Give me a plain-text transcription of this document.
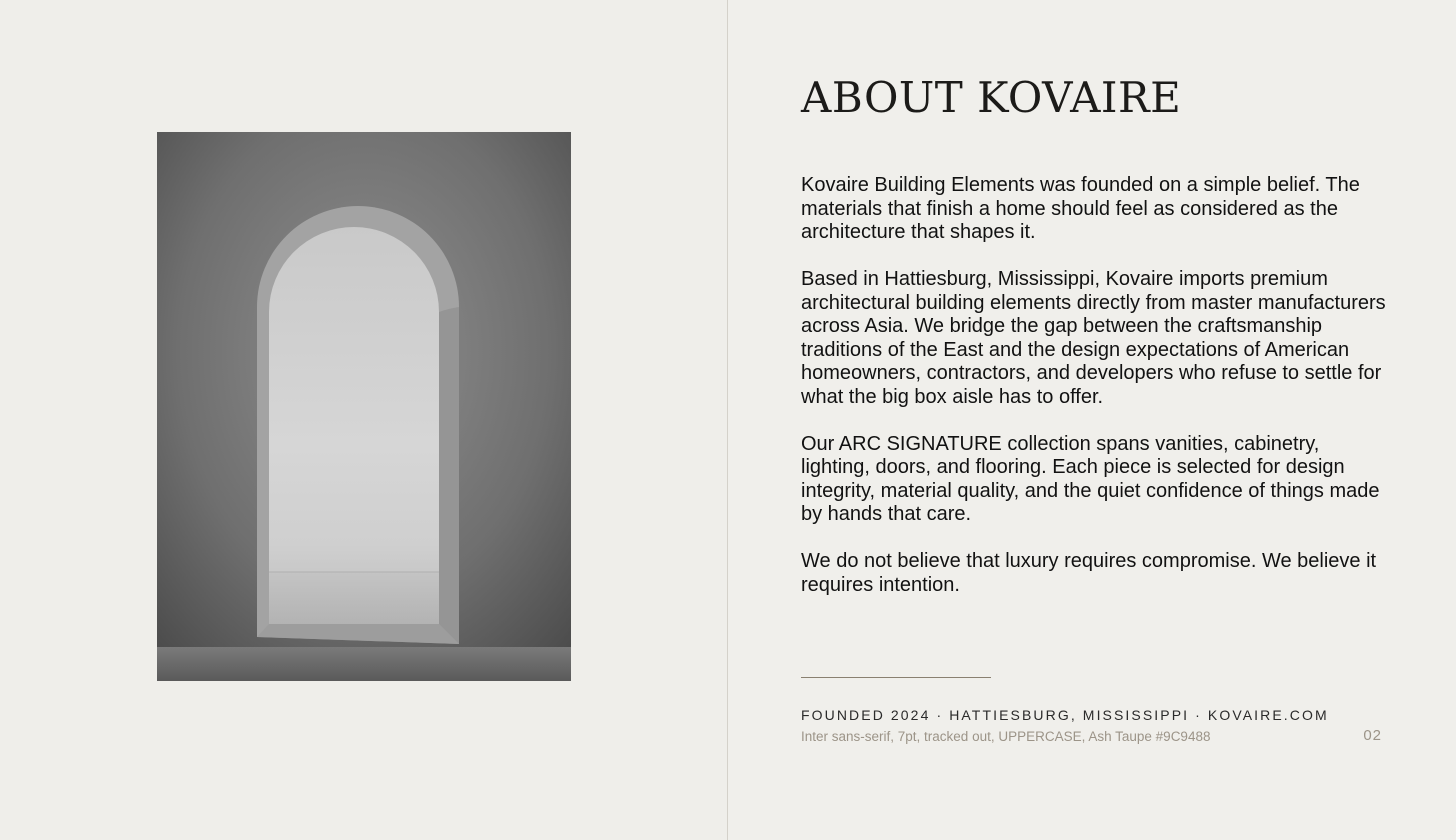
ABOUT KOVAIRE

Kovaire Building Elements was founded on a simple belief. The materials that finish a home should feel as considered as the architecture that shapes it.

Based in Hattiesburg, Mississippi, Kovaire imports premium architectural building elements directly from master manufacturers across Asia. We bridge the gap between the craftsmanship traditions of the East and the design expectations of American homeowners, contractors, and developers who refuse to settle for what the big box aisle has to offer.

Our ARC SIGNATURE collection spans vanities, cabinetry, lighting, doors, and flooring. Each piece is selected for design integrity, material quality, and the quiet confidence of things made by hands that care.

We do not believe that luxury requires compromise. We believe it requires intention.

FOUNDED 2024 · HATTIESBURG, MISSISSIPPI · KOVAIRE.COM
Inter sans-serif, 7pt, tracked out, UPPERCASE, Ash Taupe #9C9488	02
